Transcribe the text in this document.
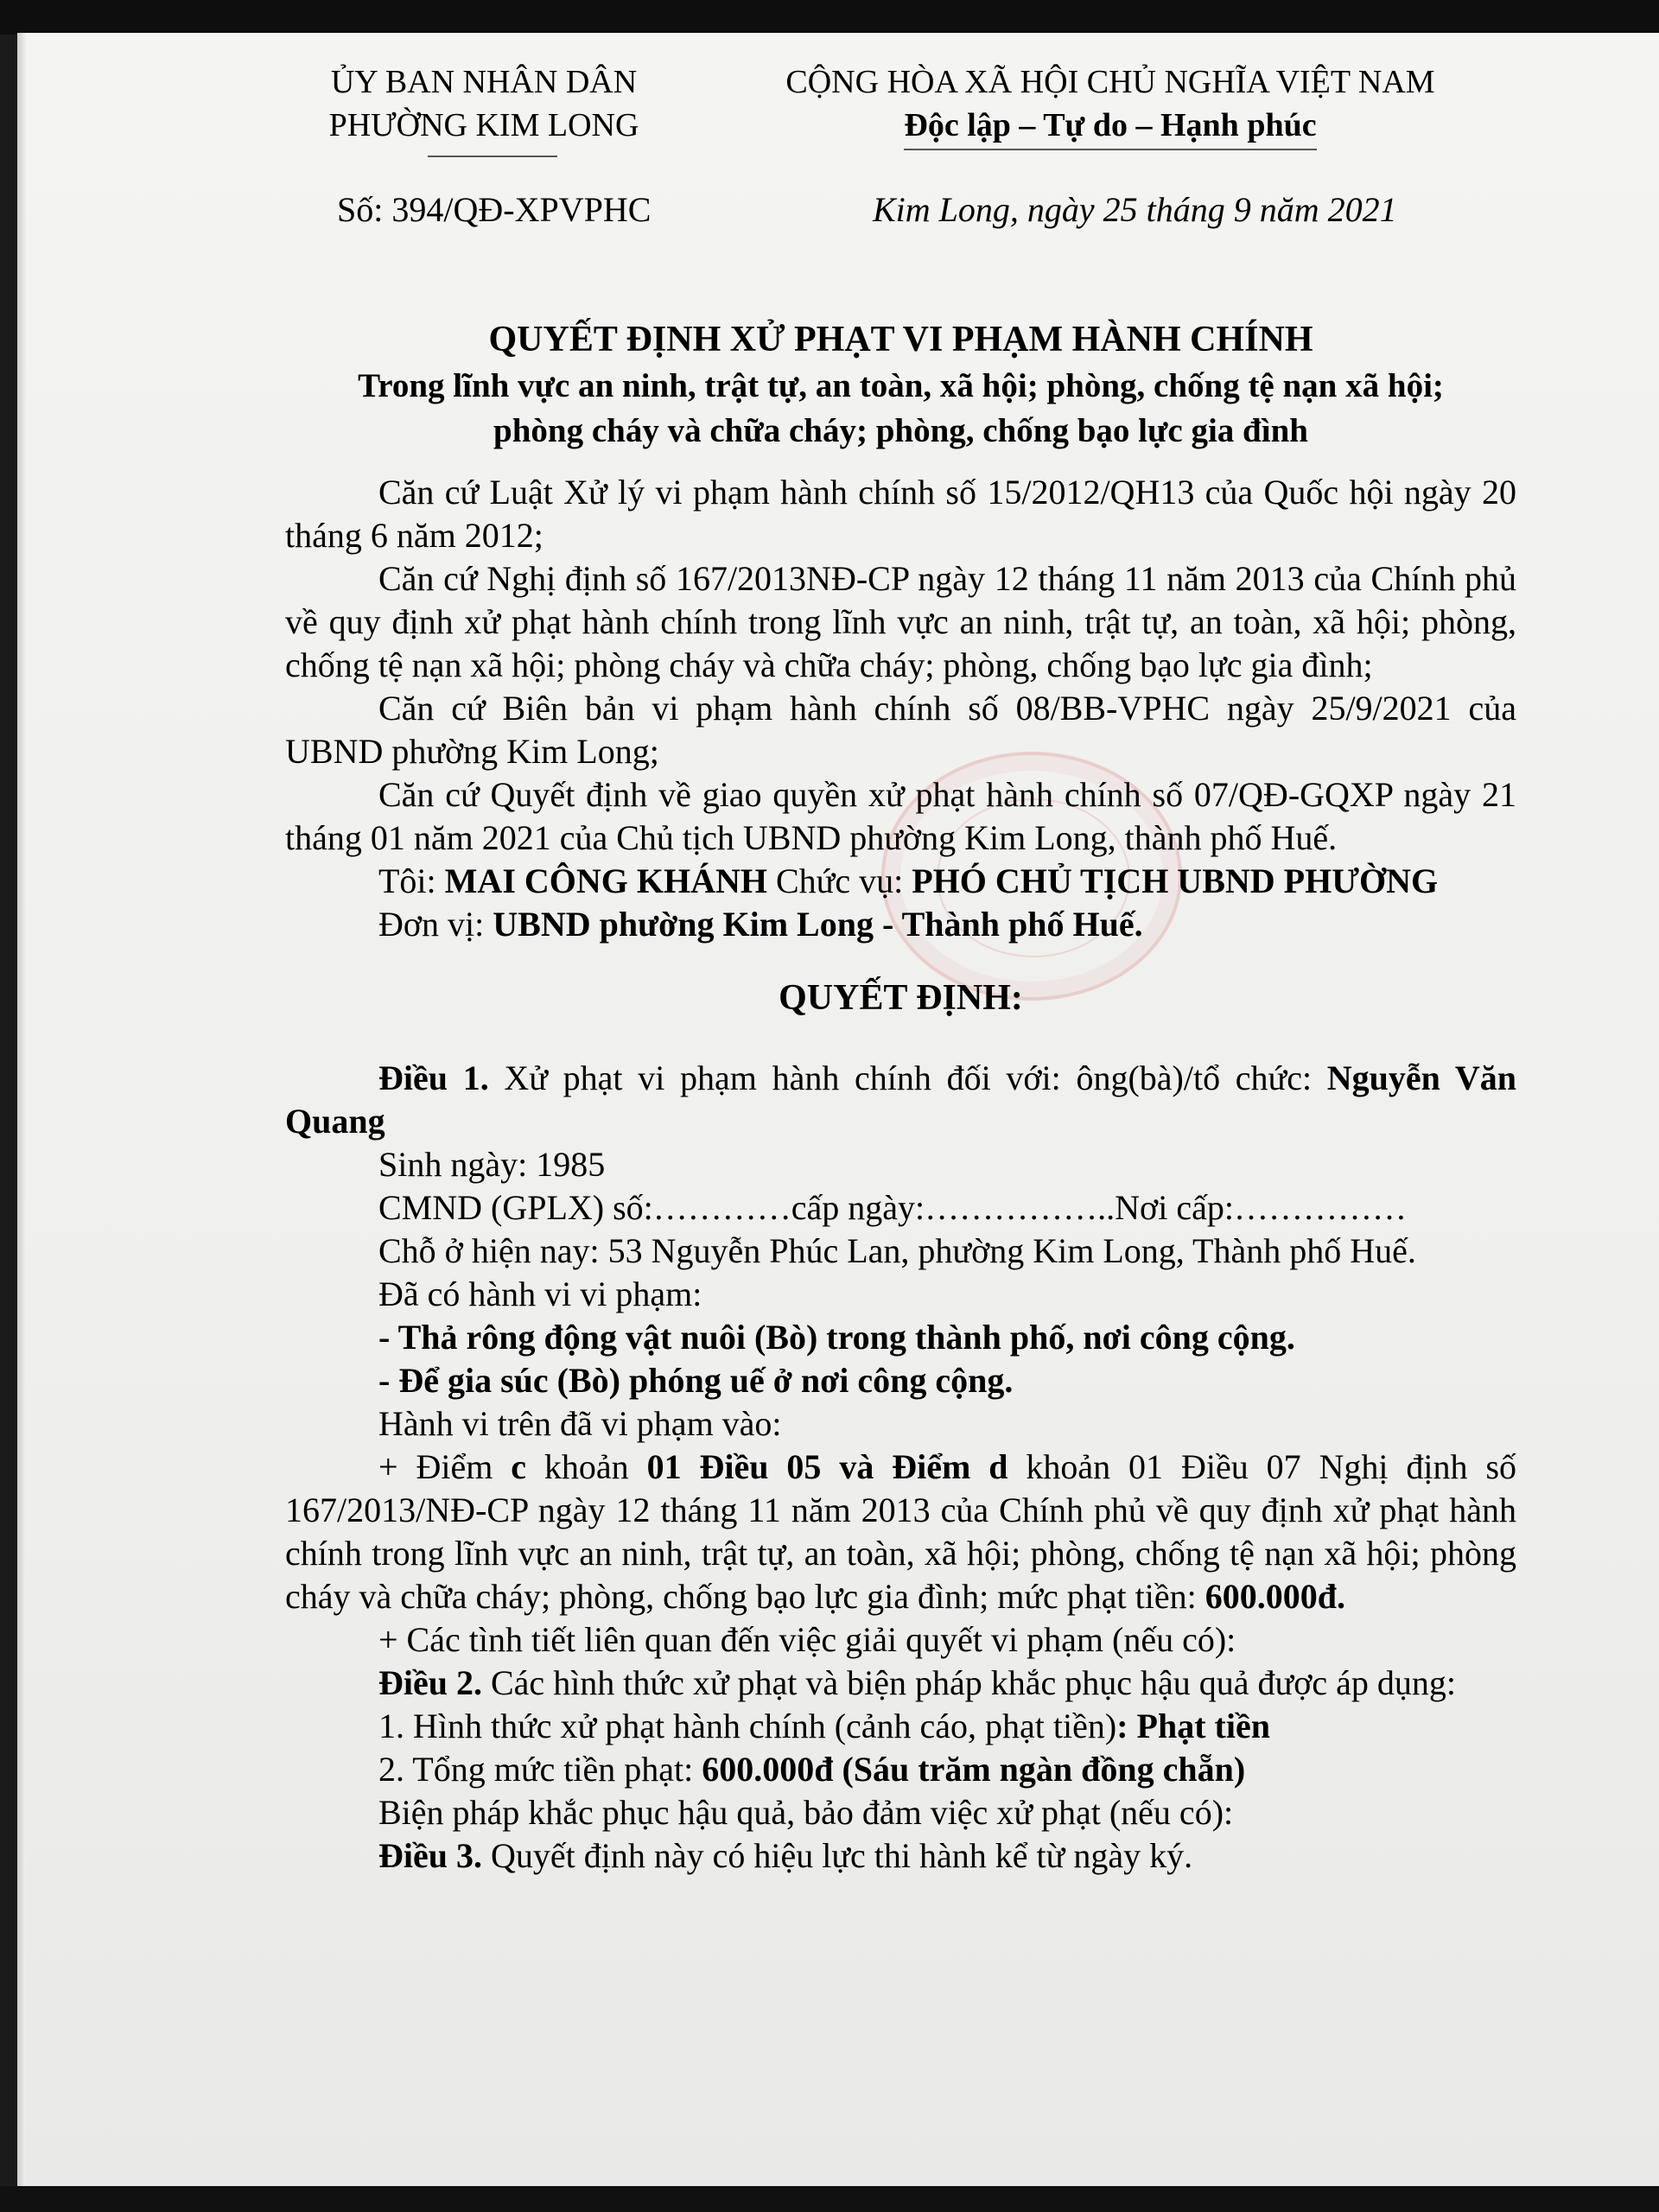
ỦY BAN NHÂN DÂN
PHƯỜNG KIM LONG
CỘNG HÒA XÃ HỘI CHỦ NGHĨA VIỆT NAM
Độc lập – Tự do – Hạnh phúc
Số: 394/QĐ-XPVPHC	Kim Long, ngày 25 tháng 9 năm 2021
QUYẾT ĐỊNH XỬ PHẠT VI PHẠM HÀNH CHÍNH
Trong lĩnh vực an ninh, trật tự, an toàn, xã hội; phòng, chống tệ nạn xã hội;
phòng cháy và chữa cháy; phòng, chống bạo lực gia đình

Căn cứ Luật Xử lý vi phạm hành chính số 15/2012/QH13 của Quốc hội ngày 20 tháng 6 năm 2012;

Căn cứ Nghị định số 167/2013NĐ-CP ngày 12 tháng 11 năm 2013 của Chính phủ về quy định xử phạt hành chính trong lĩnh vực an ninh, trật tự, an toàn, xã hội; phòng, chống tệ nạn xã hội; phòng cháy và chữa cháy; phòng, chống bạo lực gia đình;

Căn cứ Biên bản vi phạm hành chính số 08/BB-VPHC ngày 25/9/2021 của UBND phường Kim Long;

Căn cứ Quyết định về giao quyền xử phạt hành chính số 07/QĐ-GQXP ngày 21 tháng 01 năm 2021 của Chủ tịch UBND phường Kim Long, thành phố Huế.

Tôi: MAI CÔNG KHÁNH Chức vụ: PHÓ CHỦ TỊCH UBND PHƯỜNG

Đơn vị: UBND phường Kim Long - Thành phố Huế.

QUYẾT ĐỊNH:

Điều 1. Xử phạt vi phạm hành chính đối với: ông(bà)/tổ chức: Nguyễn Văn Quang

Sinh ngày: 1985

CMND (GPLX) số:…………cấp ngày:……………..Nơi cấp:……………

Chỗ ở hiện nay: 53 Nguyễn Phúc Lan, phường Kim Long, Thành phố Huế.

Đã có hành vi vi phạm:

- Thả rông động vật nuôi (Bò) trong thành phố, nơi công cộng.

- Để gia súc (Bò) phóng uế ở nơi công cộng.

Hành vi trên đã vi phạm vào:

+ Điểm c khoản 01 Điều 05 và Điểm d khoản 01 Điều 07 Nghị định số 167/2013/NĐ-CP ngày 12 tháng 11 năm 2013 của Chính phủ về quy định xử phạt hành chính trong lĩnh vực an ninh, trật tự, an toàn, xã hội; phòng, chống tệ nạn xã hội; phòng cháy và chữa cháy; phòng, chống bạo lực gia đình; mức phạt tiền: 600.000đ.

+ Các tình tiết liên quan đến việc giải quyết vi phạm (nếu có):

Điều 2. Các hình thức xử phạt và biện pháp khắc phục hậu quả được áp dụng:

1. Hình thức xử phạt hành chính (cảnh cáo, phạt tiền): Phạt tiền

2. Tổng mức tiền phạt: 600.000đ (Sáu trăm ngàn đồng chẵn)

Biện pháp khắc phục hậu quả, bảo đảm việc xử phạt (nếu có):

Điều 3. Quyết định này có hiệu lực thi hành kể từ ngày ký.
